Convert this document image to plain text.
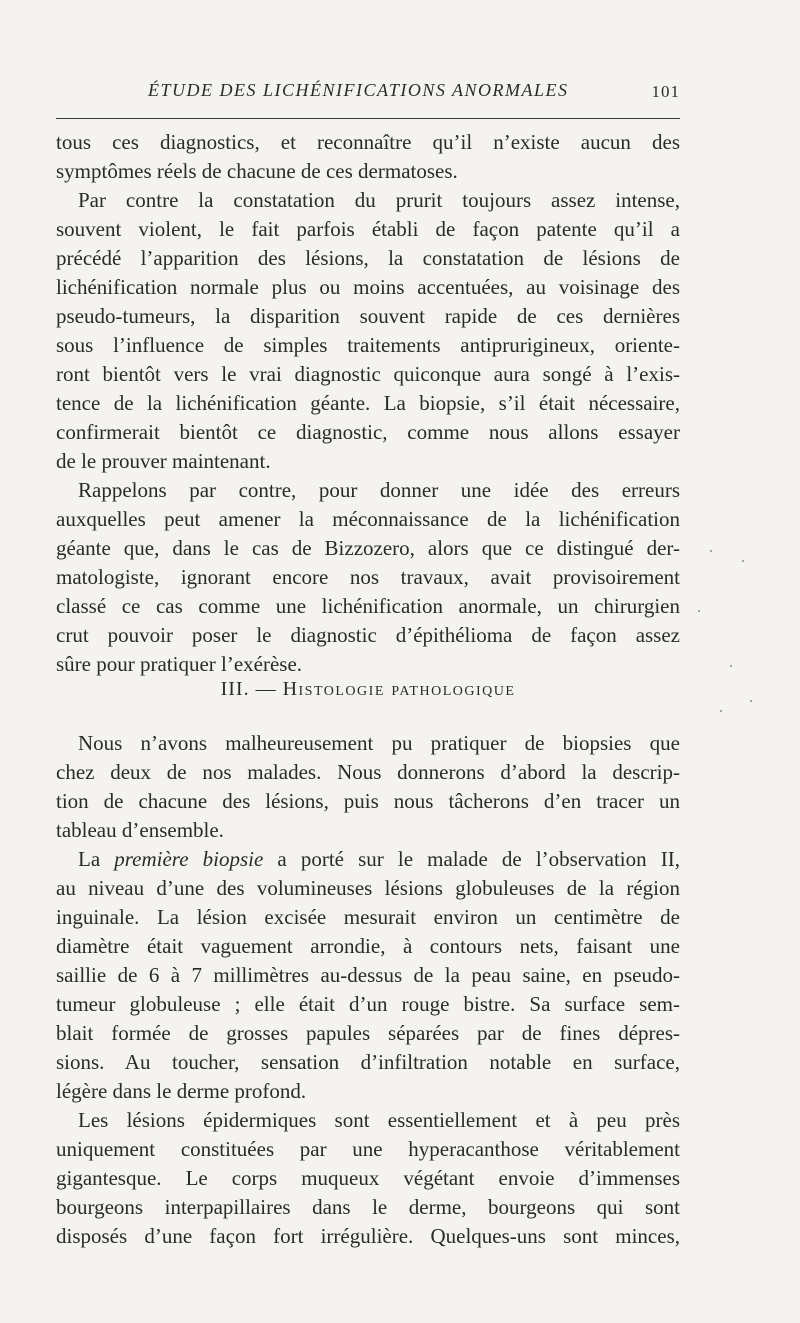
ÉTUDE DES LICHÉNIFICATIONS ANORMALES	101
tous ces diagnostics, et reconnaître qu’il n’existe aucun des
symptômes réels de chacune de ces dermatoses.
Par contre la constatation du prurit toujours assez intense,
souvent violent, le fait parfois établi de façon patente qu’il a
précédé l’apparition des lésions, la constatation de lésions de
lichénification normale plus ou moins accentuées, au voisinage des
pseudo-tumeurs, la disparition souvent rapide de ces dernières
sous l’influence de simples traitements antiprurigineux, oriente-
ront bientôt vers le vrai diagnostic quiconque aura songé à l’exis-
tence de la lichénification géante. La biopsie, s’il était nécessaire,
confirmerait bientôt ce diagnostic, comme nous allons essayer
de le prouver maintenant.
Rappelons par contre, pour donner une idée des erreurs
auxquelles peut amener la méconnaissance de la lichénification
géante que, dans le cas de Bizzozero, alors que ce distingué der-
matologiste, ignorant encore nos travaux, avait provisoirement
classé ce cas comme une lichénification anormale, un chirurgien
crut pouvoir poser le diagnostic d’épithélioma de façon assez
sûre pour pratiquer l’exérèse.
III. — Histologie pathologique
Nous n’avons malheureusement pu pratiquer de biopsies que
chez deux de nos malades. Nous donnerons d’abord la descrip-
tion de chacune des lésions, puis nous tâcherons d’en tracer un
tableau d’ensemble.
La première biopsie a porté sur le malade de l’observation II,
au niveau d’une des volumineuses lésions globuleuses de la région
inguinale. La lésion excisée mesurait environ un centimètre de
diamètre était vaguement arrondie, à contours nets, faisant une
saillie de 6 à 7 millimètres au-dessus de la peau saine, en pseudo-
tumeur globuleuse ; elle était d’un rouge bistre. Sa surface sem-
blait formée de grosses papules séparées par de fines dépres-
sions. Au toucher, sensation d’infiltration notable en surface,
légère dans le derme profond.
Les lésions épidermiques sont essentiellement et à peu près
uniquement constituées par une hyperacanthose véritablement
gigantesque. Le corps muqueux végétant envoie d’immenses
bourgeons interpapillaires dans le derme, bourgeons qui sont
disposés d’une façon fort irrégulière. Quelques-uns sont minces,
